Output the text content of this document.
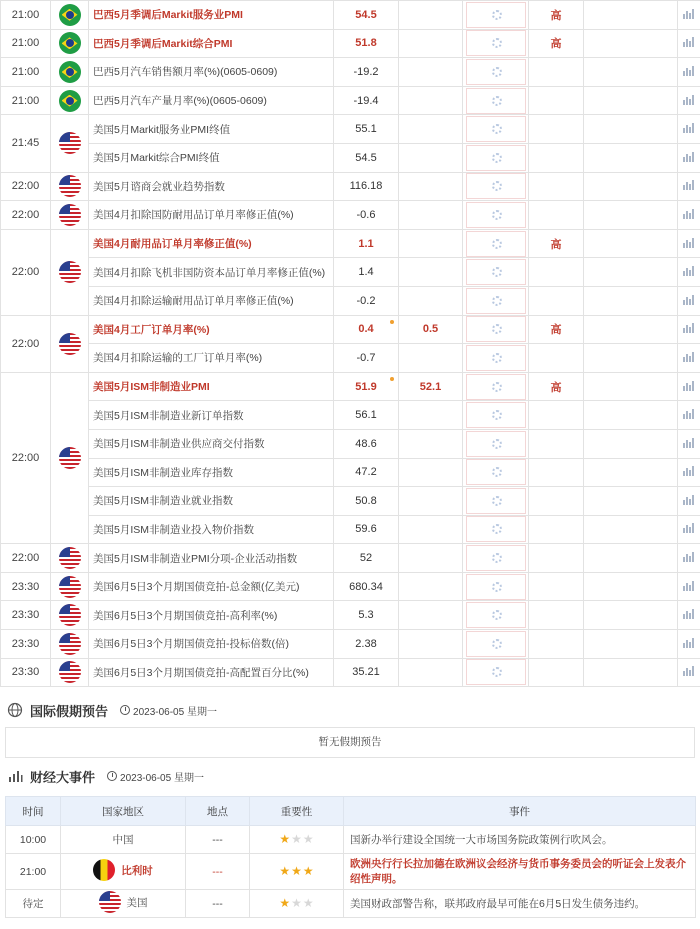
21:00		巴西5月季调后Markit服务业PMI	54.5			高		

21:00		巴西5月季调后Markit综合PMI	51.8			高		

21:00		巴西5月汽车销售额月率(%)(0605-0609)	-19.2		

21:00		巴西5月汽车产量月率(%)(0605-0609)	-19.4		

21:45		美国5月Markit服务业PMI终值	55.1		

		美国5月Markit综合PMI终值	54.5		

22:00		美国5月谘商会就业趋势指数	116.18		

22:00		美国4月扣除国防耐用品订单月率修正值(%)	-0.6		

22:00		美国4月耐用品订单月率修正值(%)	1.1			高		

		美国4月扣除飞机非国防资本品订单月率修正值(%)	1.4		

		美国4月扣除运输耐用品订单月率修正值(%)	-0.2		

22:00		美国4月工厂订单月率(%)	0.4	0.5		高		

		美国4月扣除运输的工厂订单月率(%)	-0.7		

22:00		美国5月ISM非制造业PMI	51.9	52.1		高		

		美国5月ISM非制造业新订单指数	56.1		

		美国5月ISM非制造业供应商交付指数	48.6		

		美国5月ISM非制造业库存指数	47.2		

		美国5月ISM非制造业就业指数	50.8		

		美国5月ISM非制造业投入物价指数	59.6		

22:00		美国5月ISM非制造业PMI分项-企业活动指数	52		

23:30		美国6月5日3个月期国债竞拍-总金额(亿美元)	680.34		

23:30		美国6月5日3个月期国债竞拍-高利率(%)	5.3		

23:30		美国6月5日3个月期国债竞拍-投标倍数(倍)	2.38		

23:30		美国6月5日3个月期国债竞拍-高配置百分比(%)	35.21		

国际假期预告	2023-06-05 星期一
暂无假期预告
财经大事件	2023-06-05 星期一
时间	国家地区	地点	重要性	事件
10:00	中国	---	★ ★ ★	国新办举行建设全国统一大市场国务院政策例行吹风会。
21:00	比利时	---	★ ★ ★	欧洲央行行长拉加德在欧洲议会经济与货币事务委员会的听证会上发表介绍性声明。
待定	美国	---	★ ★ ★	美国财政部警告称，联邦政府最早可能在6月5日发生债务违约。
